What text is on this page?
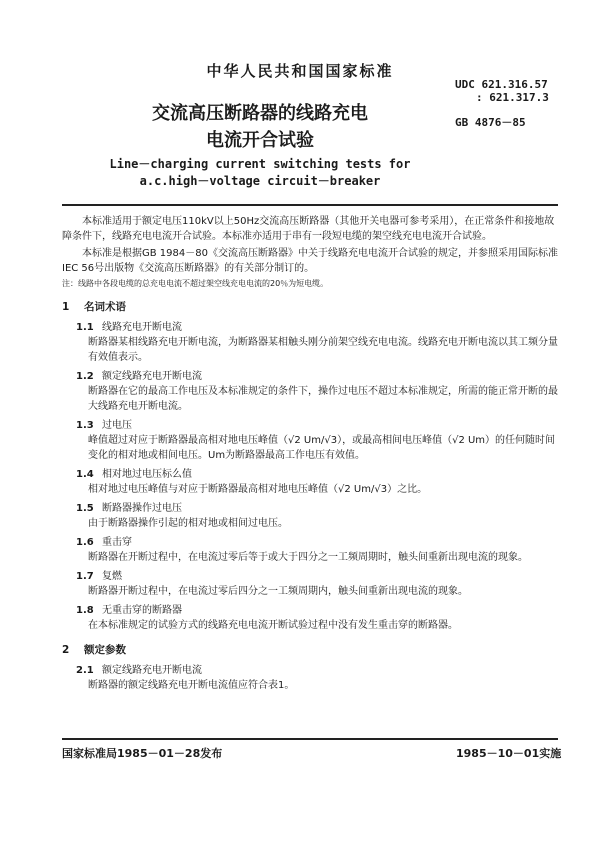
中华人民共和国国家标准
UDC 621.316.57
: 621.317.3
GB 4876－85
交流高压断路器的线路充电
电流开合试验
Line－charging current switching tests for
a.c.high－voltage circuit－breaker

本标准适用于额定电压110kV以上50Hz交流高压断路器（其他开关电器可参考采用），在正常条件和接地故障条件下，线路充电电流开合试验。本标准亦适用于串有一段短电缆的架空线充电电流开合试验。

本标准是根据GB 1984－80《交流高压断路器》中关于线路充电电流开合试验的规定，并参照采用国际标准IEC 56号出版物《交流高压断路器》的有关部分制订的。

注：线路中各段电缆的总充电电流不超过架空线充电电流的20％为短电缆。

1 名词术语
1.1 线路充电开断电流
断路器某相线路充电开断电流，为断路器某相触头刚分前架空线充电电流。线路充电开断电流以其工频分量有效值表示。
1.2 额定线路充电开断电流
断路器在它的最高工作电压及本标准规定的条件下，操作过电压不超过本标准规定，所需的能正常开断的最大线路充电开断电流。
1.3 过电压
峰值超过对应于断路器最高相对地电压峰值（√2 Um/√3），或最高相间电压峰值（√2 Um）的任何随时间变化的相对地或相间电压。Um为断路器最高工作电压有效值。
1.4 相对地过电压标么值
相对地过电压峰值与对应于断路器最高相对地电压峰值（√2 Um/√3）之比。
1.5 断路器操作过电压
由于断路器操作引起的相对地或相间过电压。
1.6 重击穿
断路器在开断过程中，在电流过零后等于或大于四分之一工频周期时，触头间重新出现电流的现象。
1.7 复燃
断路器开断过程中，在电流过零后四分之一工频周期内，触头间重新出现电流的现象。
1.8 无重击穿的断路器
在本标准规定的试验方式的线路充电电流开断试验过程中没有发生重击穿的断路器。
2 额定参数
2.1 额定线路充电开断电流
断路器的额定线路充电开断电流值应符合表1。
国家标准局1985－01－28发布	1985－10－01实施
